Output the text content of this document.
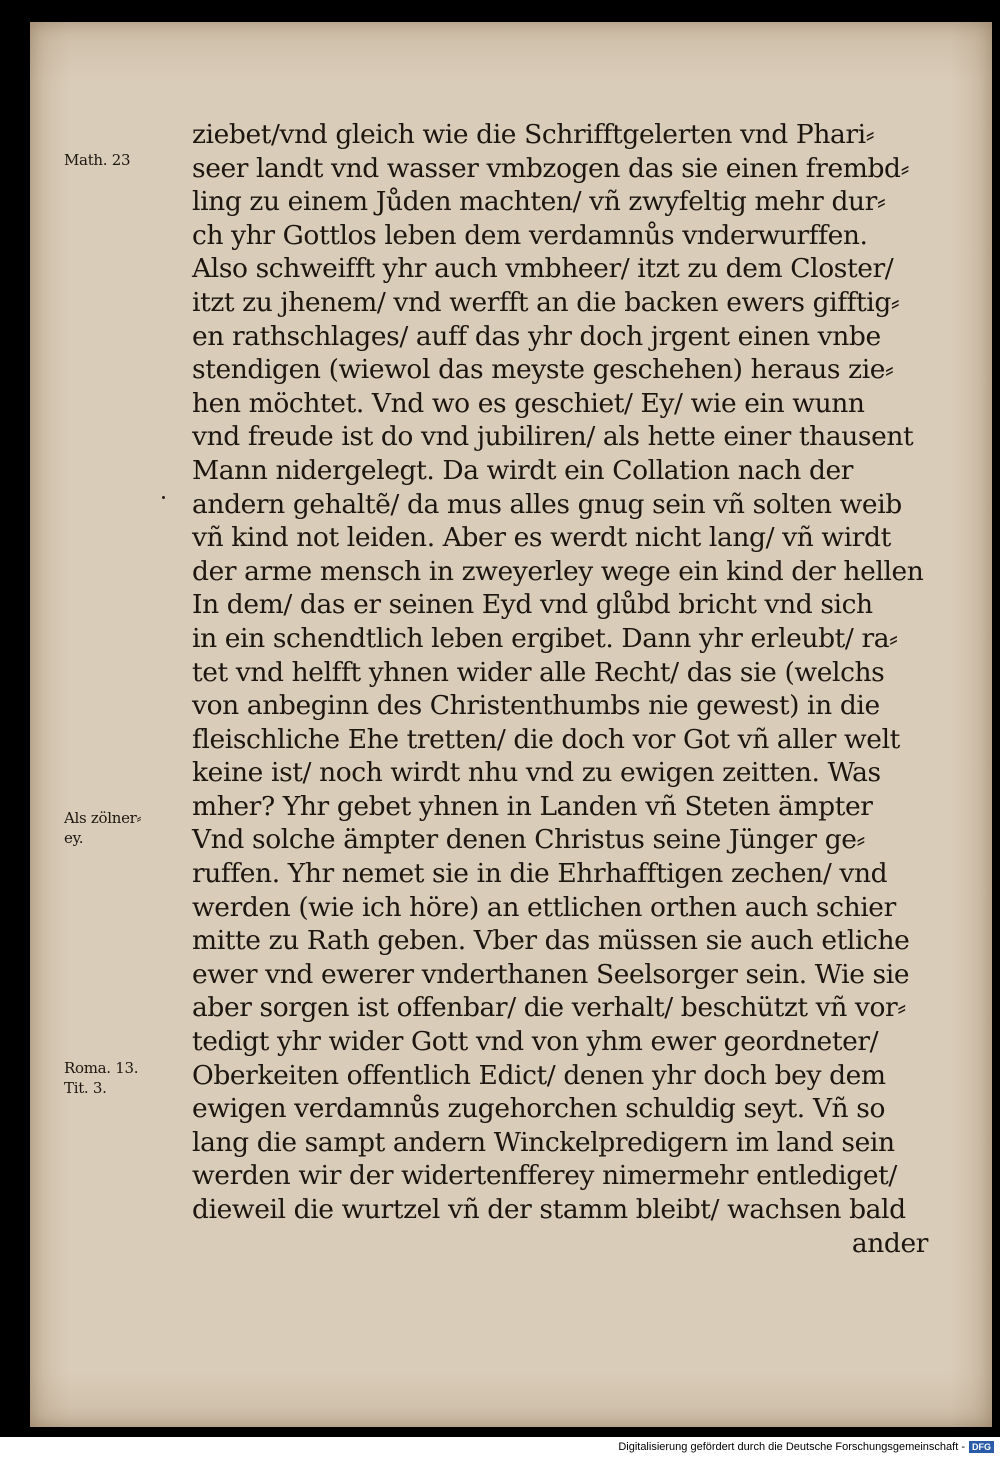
ziebet/vnd gleich wie die Schrifftgelerten vnd Phari⸗
seer landt vnd wasser vmbzogen das sie einen frembd⸗
ling zu einem Jůden machten/ vñ zwyfeltig mehr dur⸗
ch yhr Gottlos leben dem verdamnůs vnderwurffen.
Also schweifft yhr auch vmbheer/ itzt zu dem Closter/
itzt zu jhenem/ vnd werfft an die backen ewers gifftig⸗
en rathschlages/ auff das yhr doch jrgent einen vnbe
stendigen (wiewol das meyste geschehen) heraus zie⸗
hen möchtet. Vnd wo es geschiet/ Ey/ wie ein wunn
vnd freude ist do vnd jubiliren/ als hette einer thausent
Mann nidergelegt. Da wirdt ein Collation nach der
andern gehaltẽ/ da mus alles gnug sein vñ solten weib
vñ kind not leiden. Aber es werdt nicht lang/ vñ wirdt
der arme mensch in zweyerley wege ein kind der hellen
In dem/ das er seinen Eyd vnd glůbd bricht vnd sich
in ein schendtlich leben ergibet. Dann yhr erleubt/ ra⸗
tet vnd helfft yhnen wider alle Recht/ das sie (welchs
von anbeginn des Christenthumbs nie gewest) in die
fleischliche Ehe tretten/ die doch vor Got vñ aller welt
keine ist/ noch wirdt nhu vnd zu ewigen zeitten. Was
mher? Yhr gebet yhnen in Landen vñ Steten ämpter
Vnd solche ämpter denen Christus seine Jünger ge⸗
ruffen. Yhr nemet sie in die Ehrhafftigen zechen/ vnd
werden (wie ich höre) an ettlichen orthen auch schier
mitte zu Rath geben. Vber das müssen sie auch etliche
ewer vnd ewerer vnderthanen Seelsorger sein. Wie sie
aber sorgen ist offenbar/ die verhalt/ beschützt vñ vor⸗
tedigt yhr wider Gott vnd von yhm ewer geordneter/
Oberkeiten offentlich Edict/ denen yhr doch bey dem
ewigen verdamnůs zugehorchen schuldig seyt. Vñ so
lang die sampt andern Winckelpredigern im land sein
werden wir der widertenfferey nimermehr entlediget/
dieweil die wurtzel vñ der stamm bleibt/ wachsen bald
ander
Math. 23
Als zölner⸗
ey.
Roma. 13.
Tit. 3.
Digitalisierung gefördert durch die Deutsche Forschungsgemeinschaft - DFG
